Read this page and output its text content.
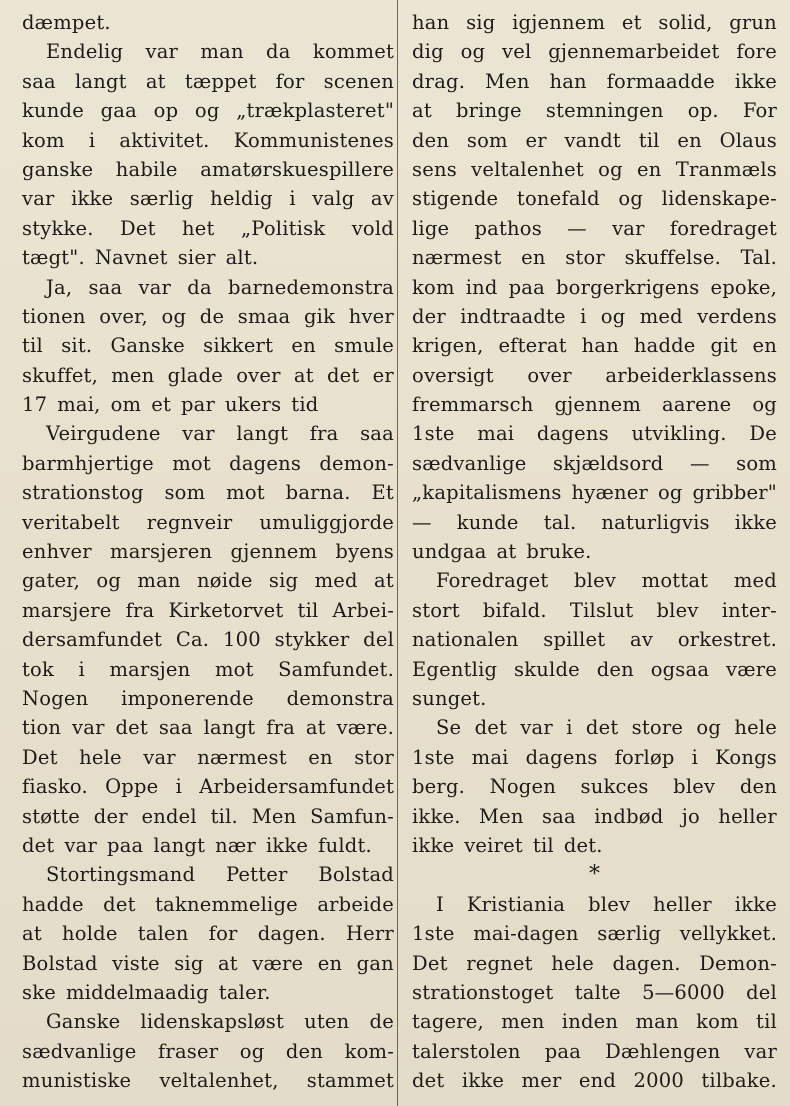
dæmpet.
Endelig var man da kommet
saa langt at tæppet for scenen
kunde gaa op og „trækplasteret"
kom i aktivitet. Kommunistenes
ganske habile amatørskuespillere
var ikke særlig heldig i valg av
stykke. Det het „Politisk vold
tægt". Navnet sier alt.
Ja, saa var da barnedemonstra
tionen over, og de smaa gik hver
til sit. Ganske sikkert en smule
skuffet, men glade over at det er
17 mai, om et par ukers tid
Veirgudene var langt fra saa
barmhjertige mot dagens demon-
strationstog som mot barna. Et
veritabelt regnveir umuliggjorde
enhver marsjeren gjennem byens
gater, og man nøide sig med at
marsjere fra Kirketorvet til Arbei-
dersamfundet Ca. 100 stykker del
tok i marsjen mot Samfundet.
Nogen imponerende demonstra
tion var det saa langt fra at være.
Det hele var nærmest en stor
fiasko. Oppe i Arbeidersamfundet
støtte der endel til. Men Samfun-
det var paa langt nær ikke fuldt.
Stortingsmand Petter Bolstad
hadde det taknemmelige arbeide
at holde talen for dagen. Herr
Bolstad viste sig at være en gan
ske middelmaadig taler.
Ganske lidenskapsløst uten de
sædvanlige fraser og den kom-
munistiske veltalenhet, stammet
han sig igjennem et solid, grun
dig og vel gjennemarbeidet fore
drag. Men han formaadde ikke
at bringe stemningen op. For
den som er vandt til en Olaus
sens veltalenhet og en Tranmæls
stigende tonefald og lidenskape-
lige pathos — var foredraget
nærmest en stor skuffelse. Tal.
kom ind paa borgerkrigens epoke,
der indtraadte i og med verdens
krigen, efterat han hadde git en
oversigt over arbeiderklassens
fremmarsch gjennem aarene og
1ste mai dagens utvikling. De
sædvanlige skjældsord — som
„kapitalismens hyæner og gribber"
— kunde tal. naturligvis ikke
undgaa at bruke.
Foredraget blev mottat med
stort bifald. Tilslut blev inter-
nationalen spillet av orkestret.
Egentlig skulde den ogsaa være
sunget.
Se det var i det store og hele
1ste mai dagens forløp i Kongs
berg. Nogen sukces blev den
ikke. Men saa indbød jo heller
ikke veiret til det.
*
I Kristiania blev heller ikke
1ste mai-dagen særlig vellykket.
Det regnet hele dagen. Demon-
strationstoget talte 5—6000 del
tagere, men inden man kom til
talerstolen paa Dæhlengen var
det ikke mer end 2000 tilbake.
